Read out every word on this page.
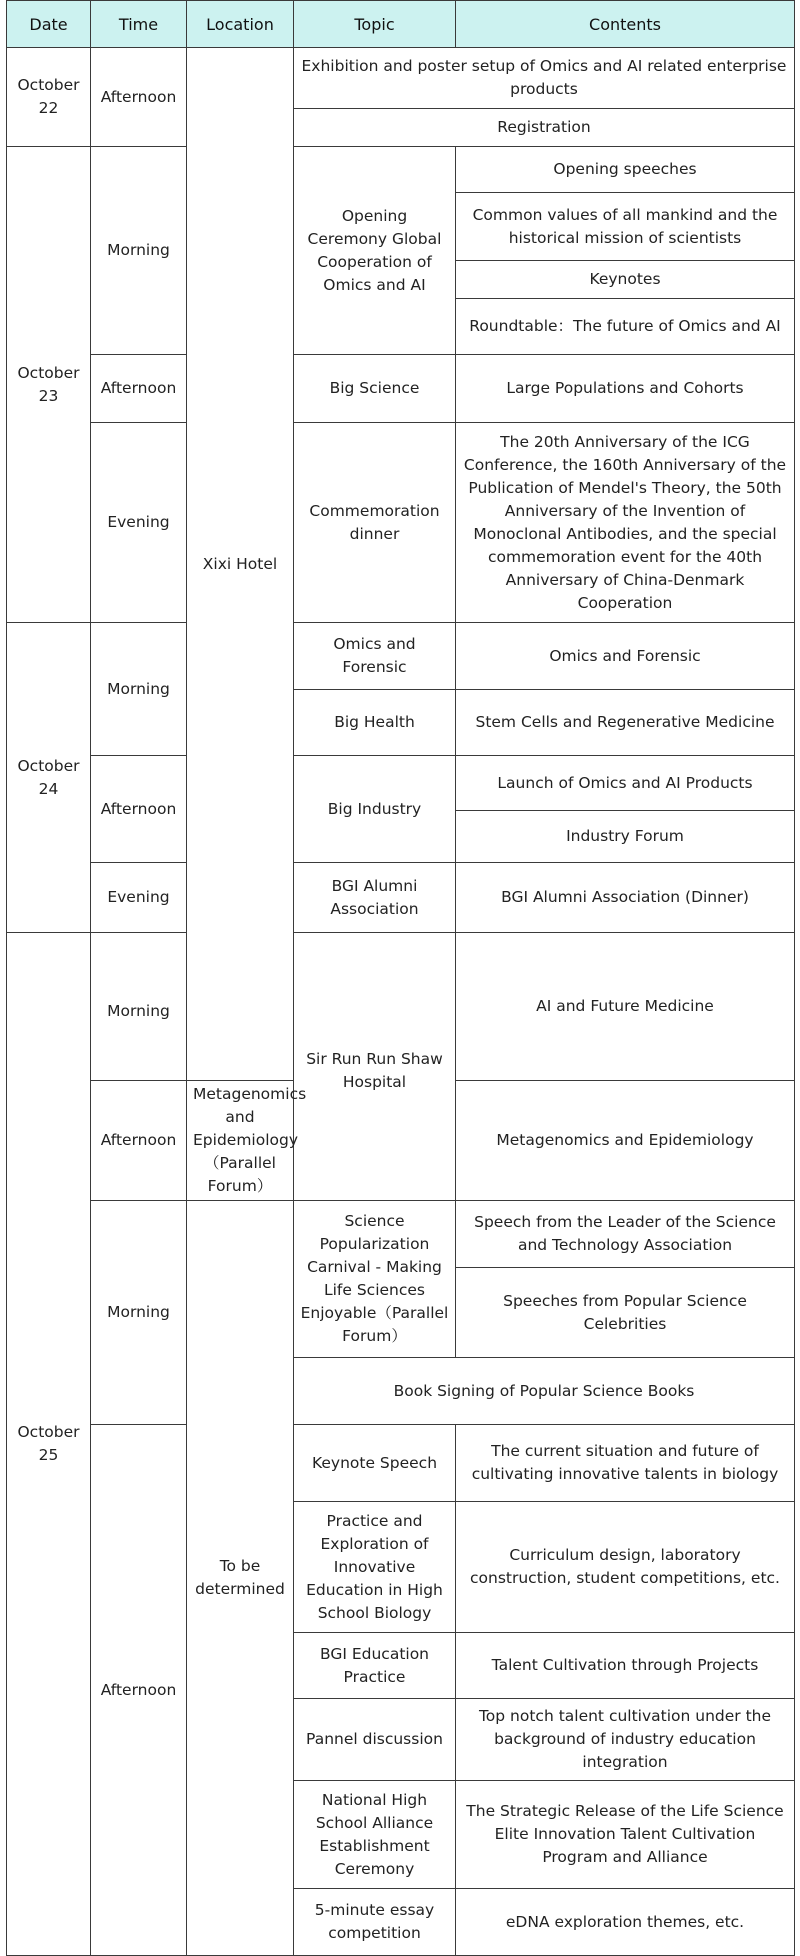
Date	Time	Location	Topic	Contents	
October 22	Afternoon	Xixi Hotel	Exhibition and poster setup of Omics and AI related enterprise products		
			Registration		
October 23	Morning		Opening Ceremony Global Cooperation of Omics and AI	Opening speeches	
				Common values of all mankind and the historical mission of scientists	
				Keynotes	
				Roundtable：The future of Omics and AI	
	Afternoon		Big Science	Large Populations and Cohorts	
	Evening		Commemoration dinner	The 20th Anniversary of the ICG Conference, the 160th Anniversary of the Publication of Mendel's Theory, the 50th Anniversary of the Invention of Monoclonal Antibodies, and the special commemoration event for the 40th Anniversary of China-Denmark Cooperation	

October 24	Morning		Omics and Forensic	Omics and Forensic	
			Big Health	Stem Cells and Regenerative Medicine	
	Afternoon		Big Industry	Launch of Omics and AI Products	
				Industry Forum	
	Evening		BGI Alumni Association	BGI Alumni Association (Dinner)	
October 25	Morning		Sir Run Run Shaw Hospital	AI and Future Medicine	

	Afternoon	Metagenomics and Epidemiology（Parallel Forum）		Metagenomics and Epidemiology	
	Morning	To be determined	Science Popularization Carnival - Making Life Sciences Enjoyable（Parallel Forum）	Speech from the Leader of the Science and Technology Association	
				Speeches from Popular Science Celebrities	
			Book Signing of Popular Science Books		
	Afternoon		Keynote Speech	The current situation and future of cultivating innovative talents in biology	
			Practice and Exploration of Innovative Education in High School Biology	Curriculum design, laboratory construction, student competitions, etc.	
			BGI Education Practice	Talent Cultivation through Projects	
			Pannel discussion	Top notch talent cultivation under the background of industry education integration	
			National High School Alliance Establishment Ceremony	The Strategic Release of the Life Science Elite Innovation Talent Cultivation Program and Alliance	
			5-minute essay competition	eDNA exploration themes, etc.	
